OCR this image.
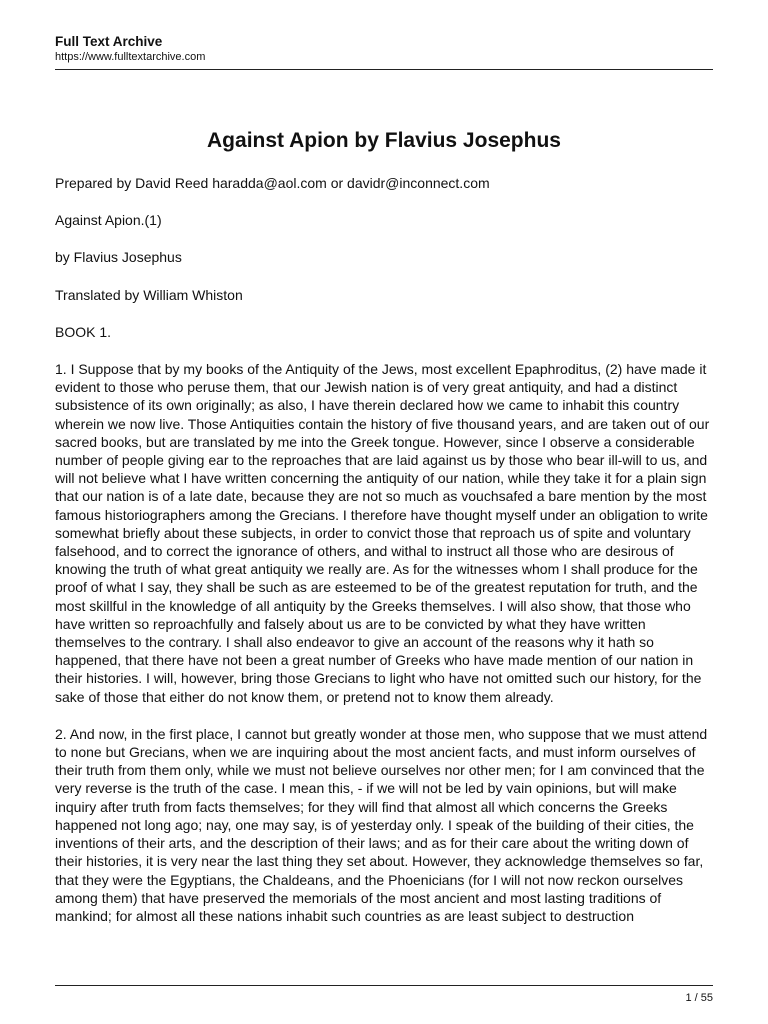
Full Text Archive
https://www.fulltextarchive.com
Against Apion by Flavius Josephus

Prepared by David Reed haradda@aol.com or davidr@inconnect.com

Against Apion.(1)

by Flavius Josephus

Translated by William Whiston

BOOK 1.

1. I Suppose that by my books of the Antiquity of the Jews, most excellent Epaphroditus, (2) have made it evident to those who peruse them, that our Jewish nation is of very great antiquity, and had a distinct subsistence of its own originally; as also, I have therein declared how we came to inhabit this country wherein we now live. Those Antiquities contain the history of five thousand years, and are taken out of our sacred books, but are translated by me into the Greek tongue. However, since I observe a considerable number of people giving ear to the reproaches that are laid against us by those who bear ill-will to us, and will not believe what I have written concerning the antiquity of our nation, while they take it for a plain sign that our nation is of a late date, because they are not so much as vouchsafed a bare mention by the most famous historiographers among the Grecians. I therefore have thought myself under an obligation to write somewhat briefly about these subjects, in order to convict those that reproach us of spite and voluntary falsehood, and to correct the ignorance of others, and withal to instruct all those who are desirous of knowing the truth of what great antiquity we really are. As for the witnesses whom I shall produce for the proof of what I say, they shall be such as are esteemed to be of the greatest reputation for truth, and the most skillful in the knowledge of all antiquity by the Greeks themselves. I will also show, that those who have written so reproachfully and falsely about us are to be convicted by what they have written themselves to the contrary. I shall also endeavor to give an account of the reasons why it hath so happened, that there have not been a great number of Greeks who have made mention of our nation in their histories. I will, however, bring those Grecians to light who have not omitted such our history, for the sake of those that either do not know them, or pretend not to know them already.

2. And now, in the first place, I cannot but greatly wonder at those men, who suppose that we must attend to none but Grecians, when we are inquiring about the most ancient facts, and must inform ourselves of their truth from them only, while we must not believe ourselves nor other men; for I am convinced that the very reverse is the truth of the case. I mean this, - if we will not be led by vain opinions, but will make inquiry after truth from facts themselves; for they will find that almost all which concerns the Greeks happened not long ago; nay, one may say, is of yesterday only. I speak of the building of their cities, the inventions of their arts, and the description of their laws; and as for their care about the writing down of their histories, it is very near the last thing they set about. However, they acknowledge themselves so far, that they were the Egyptians, the Chaldeans, and the Phoenicians (for I will not now reckon ourselves among them) that have preserved the memorials of the most ancient and most lasting traditions of mankind; for almost all these nations inhabit such countries as are least subject to destruction

1 / 55
